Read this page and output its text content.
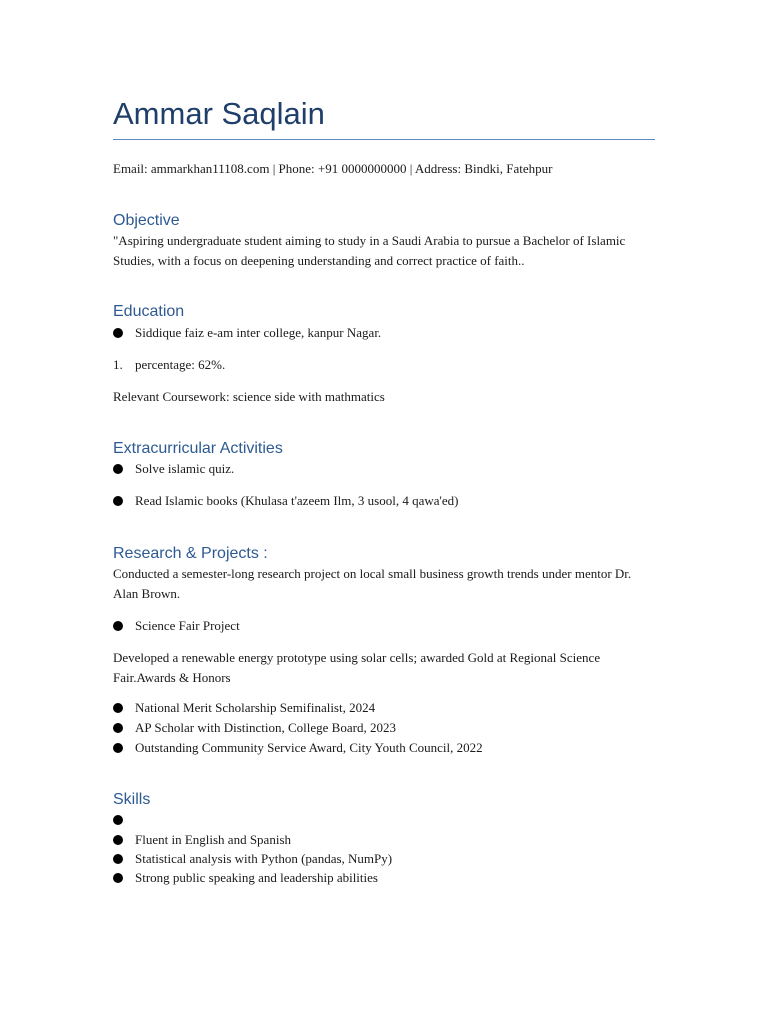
Ammar Saqlain
Email: ammarkhan11108.com | Phone: +91 0000000000 | Address: Bindki, Fatehpur
Objective

"Aspiring undergraduate student aiming to study in a Saudi Arabia to pursue a Bachelor of Islamic Studies, with a focus on deepening understanding and correct practice of faith..

Education
Siddique faiz e-am inter college, kanpur Nagar.
1. percentage: 62%.

Relevant Coursework: science side with mathmatics

Extracurricular Activities
Solve islamic quiz.
Read Islamic books (Khulasa t'azeem Ilm, 3 usool, 4 qawa'ed)
Research & Projects :

Conducted a semester-long research project on local small business growth trends under mentor Dr. Alan Brown.

Science Fair Project

Developed a renewable energy prototype using solar cells; awarded Gold at Regional Science Fair.Awards & Honors

National Merit Scholarship Semifinalist, 2024
AP Scholar with Distinction, College Board, 2023
Outstanding Community Service Award, City Youth Council, 2022
Skills
Fluent in English and Spanish
Statistical analysis with Python (pandas, NumPy)
Strong public speaking and leadership abilities
